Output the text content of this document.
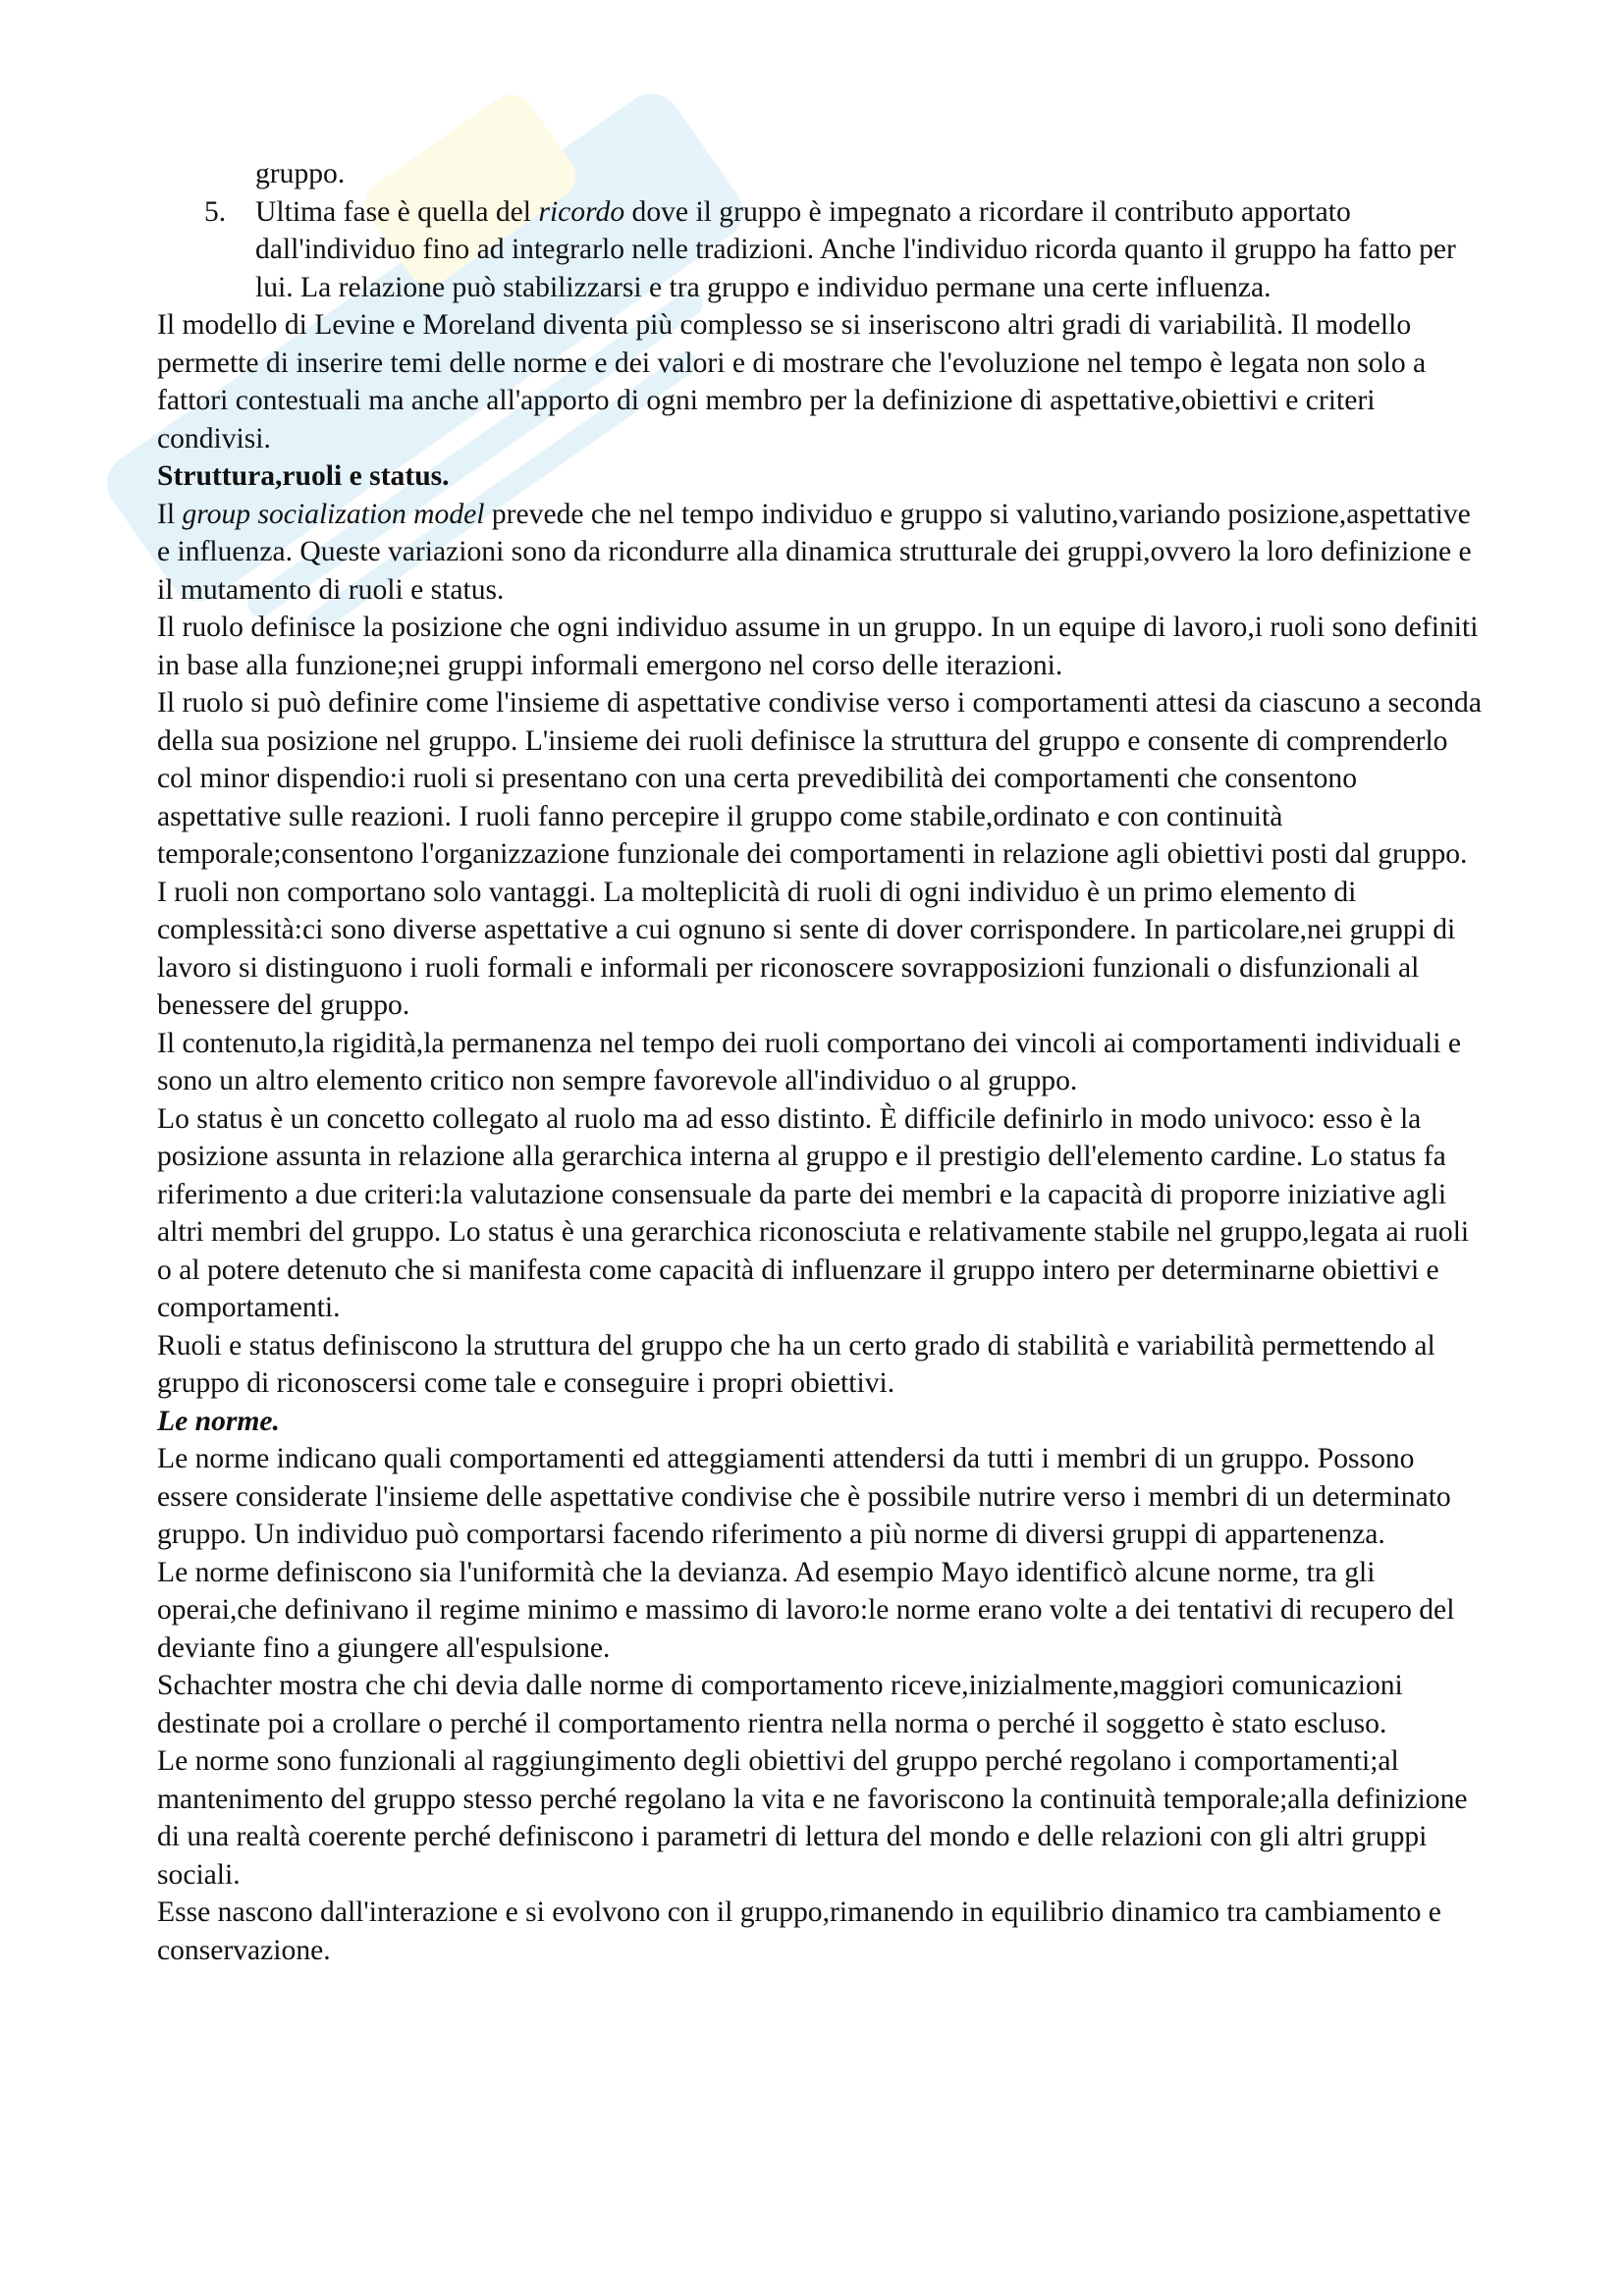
gruppo.
5. Ultima fase è quella del ricordo dove il gruppo è impegnato a ricordare il contributo apportato dall'individuo fino ad integrarlo nelle tradizioni. Anche l'individuo ricorda quanto il gruppo ha fatto per lui. La relazione può stabilizzarsi e tra gruppo e individuo permane una certe influenza.

Il modello di Levine e Moreland diventa più complesso se si inseriscono altri gradi di variabilità. Il modello permette di inserire temi delle norme e dei valori e di mostrare che l'evoluzione nel tempo è legata non solo a fattori contestuali ma anche all'apporto di ogni membro per la definizione di aspettative,obiettivi e criteri condivisi.

Struttura,ruoli e status.

Il group socialization model prevede che nel tempo individuo e gruppo si valutino,variando posizione,aspettative e influenza. Queste variazioni sono da ricondurre alla dinamica strutturale dei gruppi,ovvero la loro definizione e il mutamento di ruoli e status.

Il ruolo definisce la posizione che ogni individuo assume in un gruppo. In un equipe di lavoro,i ruoli sono definiti in base alla funzione;nei gruppi informali emergono nel corso delle iterazioni.

Il ruolo si può definire come l'insieme di aspettative condivise verso i comportamenti attesi da ciascuno a seconda della sua posizione nel gruppo. L'insieme dei ruoli definisce la struttura del gruppo e consente di comprenderlo col minor dispendio:i ruoli si presentano con una certa prevedibilità dei comportamenti che consentono aspettative sulle reazioni. I ruoli fanno percepire il gruppo come stabile,ordinato e con continuità temporale;consentono l'organizzazione funzionale dei comportamenti in relazione agli obiettivi posti dal gruppo.

I ruoli non comportano solo vantaggi. La molteplicità di ruoli di ogni individuo è un primo elemento di complessità:ci sono diverse aspettative a cui ognuno si sente di dover corrispondere. In particolare,nei gruppi di lavoro si distinguono i ruoli formali e informali per riconoscere sovrapposizioni funzionali o disfunzionali al benessere del gruppo.

Il contenuto,la rigidità,la permanenza nel tempo dei ruoli comportano dei vincoli ai comportamenti individuali e sono un altro elemento critico non sempre favorevole all'individuo o al gruppo.

Lo status è un concetto collegato al ruolo ma ad esso distinto. È difficile definirlo in modo univoco: esso è la posizione assunta in relazione alla gerarchica interna al gruppo e il prestigio dell'elemento cardine. Lo status fa riferimento a due criteri:la valutazione consensuale da parte dei membri e la capacità di proporre iniziative agli altri membri del gruppo. Lo status è una gerarchica riconosciuta e relativamente stabile nel gruppo,legata ai ruoli o al potere detenuto che si manifesta come capacità di influenzare il gruppo intero per determinarne obiettivi e comportamenti.

Ruoli e status definiscono la struttura del gruppo che ha un certo grado di stabilità e variabilità permettendo al gruppo di riconoscersi come tale e conseguire i propri obiettivi.

Le norme.

Le norme indicano quali comportamenti ed atteggiamenti attendersi da tutti i membri di un gruppo. Possono essere considerate l'insieme delle aspettative condivise che è possibile nutrire verso i membri di un determinato gruppo. Un individuo può comportarsi facendo riferimento a più norme di diversi gruppi di appartenenza.

Le norme definiscono sia l'uniformità che la devianza. Ad esempio Mayo identificò alcune norme, tra gli operai,che definivano il regime minimo e massimo di lavoro:le norme erano volte a dei tentativi di recupero del deviante fino a giungere all'espulsione.

Schachter mostra che chi devia dalle norme di comportamento riceve,inizialmente,maggiori comunicazioni destinate poi a crollare o perché il comportamento rientra nella norma o perché il soggetto è stato escluso.

Le norme sono funzionali al raggiungimento degli obiettivi del gruppo perché regolano i comportamenti;al mantenimento del gruppo stesso perché regolano la vita e ne favoriscono la continuità temporale;alla definizione di una realtà coerente perché definiscono i parametri di lettura del mondo e delle relazioni con gli altri gruppi sociali.

Esse nascono dall'interazione e si evolvono con il gruppo,rimanendo in equilibrio dinamico tra cambiamento e conservazione.
